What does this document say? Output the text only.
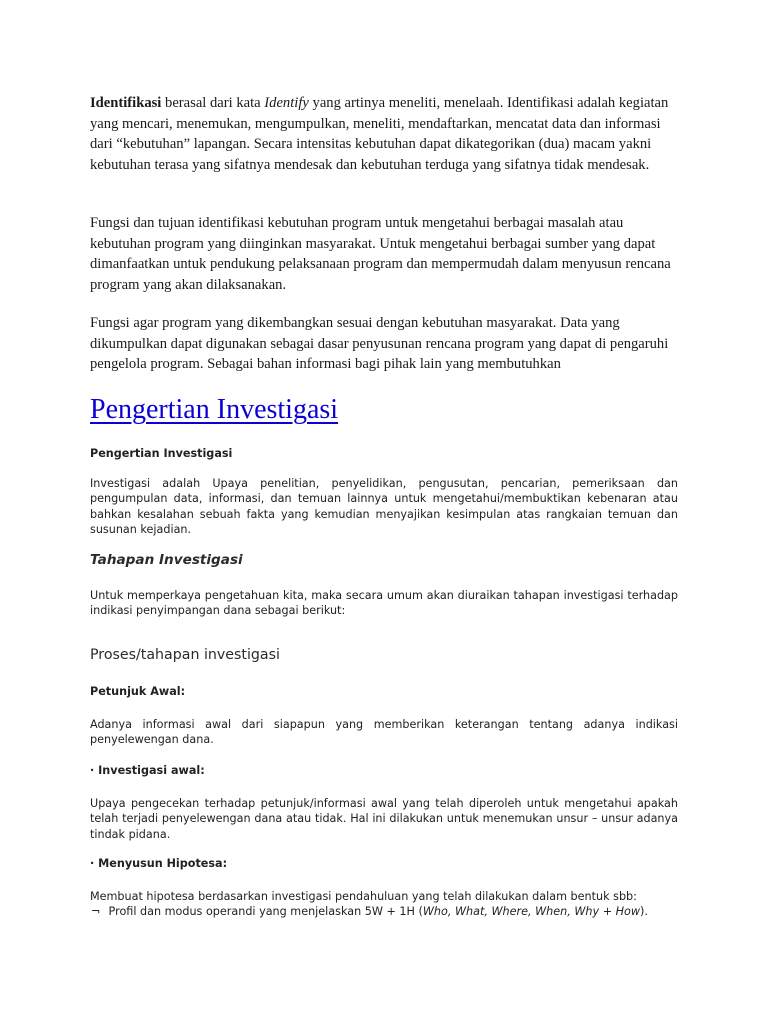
Identifikasi berasal dari kata Identify yang artinya meneliti, menelaah. Identifikasi adalah kegiatan yang mencari, menemukan, mengumpulkan, meneliti, mendaftarkan, mencatat data dan informasi dari “kebutuhan” lapangan. Secara intensitas kebutuhan dapat dikategorikan (dua) macam yakni kebutuhan terasa yang sifatnya mendesak dan kebutuhan terduga yang sifatnya tidak mendesak.

Fungsi dan tujuan identifikasi kebutuhan program untuk mengetahui berbagai masalah atau kebutuhan program yang diinginkan masyarakat. Untuk mengetahui berbagai sumber yang dapat dimanfaatkan untuk pendukung pelaksanaan program dan mempermudah dalam menyusun rencana program yang akan dilaksanakan.

Fungsi agar program yang dikembangkan sesuai dengan kebutuhan masyarakat. Data yang dikumpulkan dapat digunakan sebagai dasar penyusunan rencana program yang dapat di pengaruhi pengelola program. Sebagai bahan informasi bagi pihak lain yang membutuhkan

Pengertian Investigasi

Pengertian Investigasi

Investigasi adalah Upaya penelitian, penyelidikan, pengusutan, pencarian, pemeriksaan dan pengumpulan data, informasi, dan temuan lainnya untuk mengetahui/membuktikan kebenaran atau bahkan kesalahan sebuah fakta yang kemudian menyajikan kesimpulan atas rangkaian temuan dan susunan kejadian.

Tahapan Investigasi

Untuk memperkaya pengetahuan kita, maka secara umum akan diuraikan tahapan investigasi terhadap indikasi penyimpangan dana sebagai berikut:

Proses/tahapan investigasi

Petunjuk Awal:

Adanya informasi awal dari siapapun yang memberikan keterangan tentang adanya indikasi penyelewengan dana.

· Investigasi awal:

Upaya pengecekan terhadap petunjuk/informasi awal yang telah diperoleh untuk mengetahui apakah telah terjadi penyelewengan dana atau tidak. Hal ini dilakukan untuk menemukan unsur – unsur adanya tindak pidana.

· Menyusun Hipotesa:

Membuat hipotesa berdasarkan investigasi pendahuluan yang telah dilakukan dalam bentuk sbb:

¬ Profil dan modus operandi yang menjelaskan 5W + 1H (Who, What, Where, When, Why + How).
